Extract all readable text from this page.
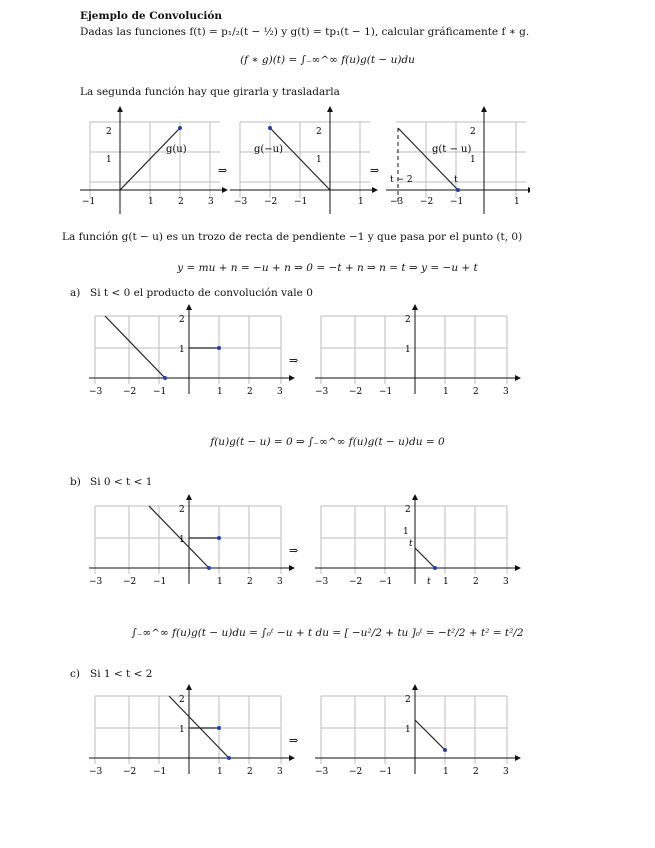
Ejemplo de Convolución
Dadas las funciones f(t) = p₁/₂(t − ½) y g(t) = tp₁(t − 1), calcular gráficamente f ∗ g.
(f ∗ g)(t) = ∫₋∞^∞ f(u)g(t − u)du
La segunda función hay que girarla y trasladarla
g(u)
2
1
−1	1	2	3
⇒
g(−u)
2
1
−3 −2 −1	1
⇒
g(t − u)
t − 2	t
2
1
−3 −2 −1	1
La función g(t − u) es un trozo de recta de pendiente −1 y que pasa por el punto (t, 0)
y = mu + n = −u + n ⇒ 0 = −t + n ⇒ n = t ⇒ y = −u + t
a) Si t < 0 el producto de convolución vale 0
2
1
−3 −2 −1	1	2	3
⇒
2
1
−3 −2 −1	1	2	3
f(u)g(t − u) = 0 ⇒ ∫₋∞^∞ f(u)g(t − u)du = 0
b) Si 0 < t < 1
2
1
−3 −2 −1	1	2	3
⇒
1
t
2
−3 −2 −1	t 1	2	3
∫₋∞^∞ f(u)g(t − u)du = ∫₀ᵗ −u + t du = [ −u²/2 + tu ]₀ᵗ = −t²/2 + t² = t²/2
c) Si 1 < t < 2
2
1
−3 −2 −1	1	2	3
⇒
2
1
−3 −2 −1	1	2	3
